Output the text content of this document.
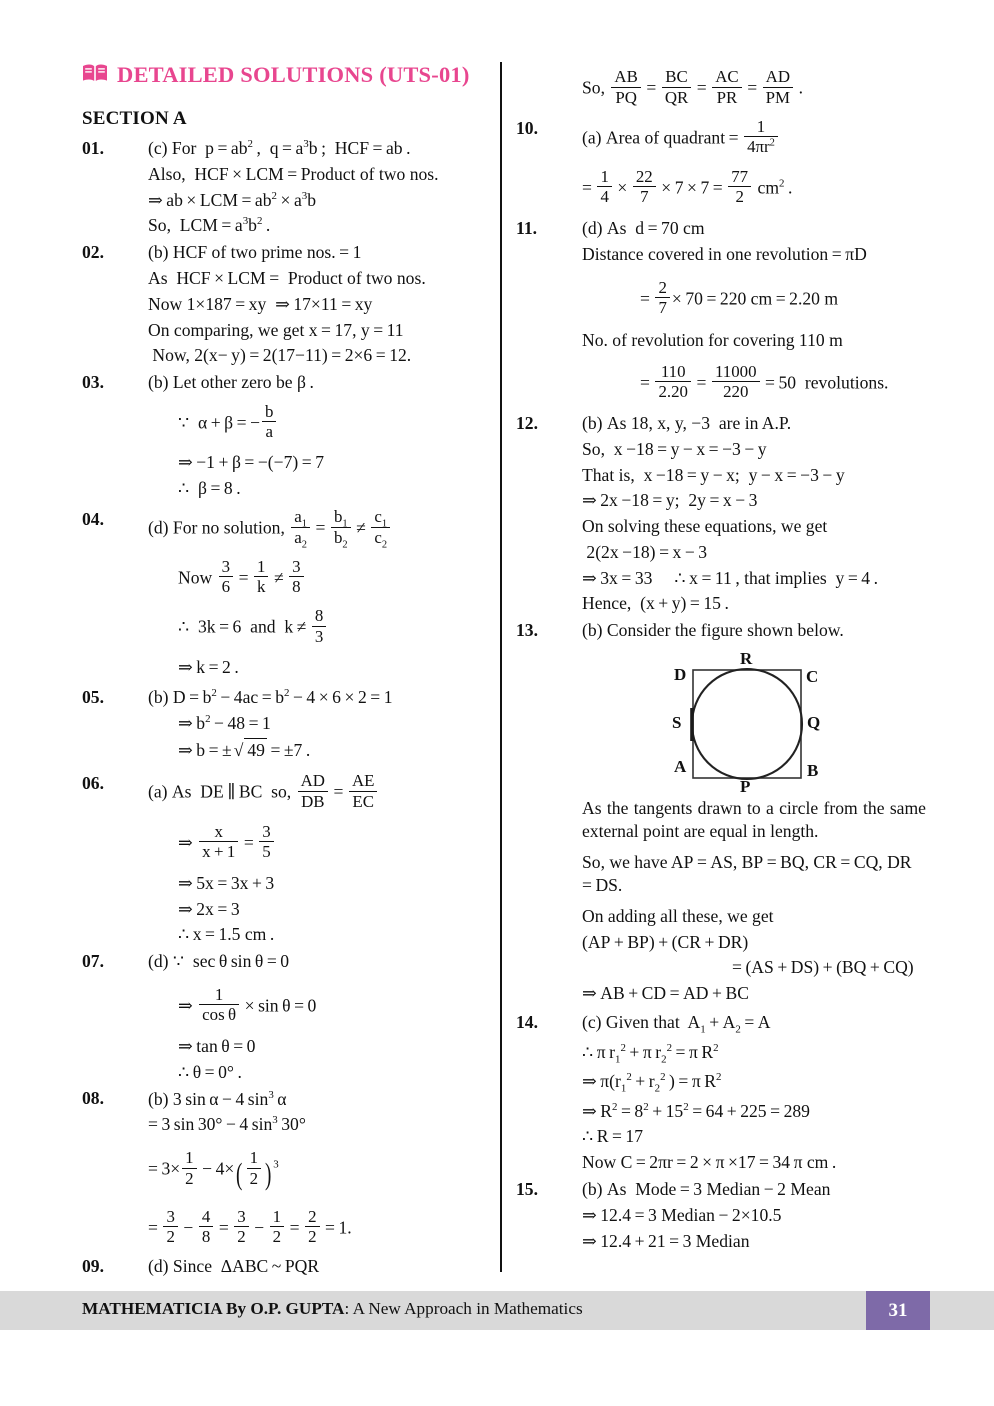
DETAILED SOLUTIONS (UTS-01)
SECTION A
01.	(c) For  $p = ab^2$ ,  $q = a^3b$ ;  HCF = ab .
Also,  HCF × LCM = Product of two nos.
⇒ ab × LCM = $ab^2 \times a^3b$
So,  LCM = $a^3b^2$ .
02.	(b) HCF of two prime nos. = 1
As  HCF × LCM =  Product of two nos.
Now 1×187 = xy  ⇒ 17×11 = xy
On comparing, we get x = 17, y = 11
Now, 2(x− y) = 2(17−11) = 2×6 = 12.
03.	(b) Let other zero be β .
∵  α + β = − $\frac{b}{a}$
⇒ −1 + β = −(−7) = 7
∴  β = 8 .
04.	(d) For no solution, $\frac{a_1}{a_2} = \frac{b_1}{b_2} \ne \frac{c_1}{c_2}$
Now $\frac{3}{6} = \frac{1}{k} \ne \frac{3}{8}$
∴  3k = 6  and  $k \ne \frac{8}{3}$
⇒ k = 2 .
05.	(b) $D = b^2 - 4ac = b^2 - 4 \times 6 \times 2 = 1$
⇒ $b^2 - 48 = 1$
⇒ b = ± √ 49 = ±7 .
06.	(a) As  DE ∥ BC  so, $\frac{AD}{DB} = \frac{AE}{EC}$
⇒ $\frac{x}{x + 1} = \frac{3}{5}$
⇒ 5x = 3x + 3
⇒ 2x = 3
∴ x = 1.5 cm .
07.	(d) ∵  sec θ sin θ = 0
⇒ $\frac{1}{\text{cos θ}} \times \sin \theta = 0$
⇒ tan θ = 0
∴ θ = 0° .
08.	(b) 3 sin α − 4 $\sin^3 \alpha$
= 3 sin 30° − 4 $\sin^3 30^\circ$
= $3\times \frac{1}{2} - 4\times( \frac{1}{2}$ ) $^3$
=  $\frac{3}{2} - \frac{4}{8} = \frac{3}{2} - \frac{1}{2} = \frac{2}{2} = 1$.
09.	(d) Since  ΔABC ~ PQR
So, $\frac{AB}{PQ} = \frac{BC}{QR} = \frac{AC}{PR} = \frac{AD}{PM}$  .
10.	(a) Area of quadrant =  $\frac{1}{4\pi r^2}$
=  $\frac{1}{4} \times \frac{22}{7} \times 7 \times 7 = \frac{77}{2} cm^2$ .
11.	(d) As  d = 70 cm
Distance covered in one revolution = πD
=  $\frac{2}{7} \times 70 = 220$ cm = 2.20 m
No. of revolution for covering 110 m
=  $\frac{110}{2.20} = \frac{11000}{220} = 50$  revolutions.
12.	(b) As 18, x, y, −3  are in A.P.
So,  x −18 = y − x = −3 − y
That is,  x −18 = y − x;  y − x = −3 − y
⇒ 2x −18 = y;  2y = x − 3
On solving these equations, we get
2(2x −18) = x − 3
⇒ 3x = 33     ∴ x = 11 , that implies  y = 4 .
Hence,  (x + y) = 15 .
13.	(b) Consider the figure shown below.
D	C
A	B
R
Q
P
S
As the tangents drawn to a circle from the same external point are equal in length.
So, we have AP = AS, BP = BQ, CR = CQ, DR = DS.
On adding all these, we get
(AP + BP) + (CR + DR)
= (AS + DS) + (BQ + CQ)
⇒ AB + CD = AD + BC
14.	(c) Given that  $A_1 + A_2 = A$
∴ π $r_1^2 + \pi$ $r_2^2 = \pi$ $R^2$
⇒ $\pi(r_1^2 + r_2^2$ ) = π $R^2$
⇒ $R^2 = 8^2 + 15^2 = 64 + 225 = 289$
∴ R = 17
Now C = 2πr = 2 × π ×17 = 34 π cm .
15.	(b) As  Mode = 3 Median − 2 Mean
⇒ 12.4 = 3 Median − 2×10.5
⇒ 12.4 + 21 = 3 Median
MATHEMATICIA By O.P. GUPTA: A New Approach in Mathematics	31
